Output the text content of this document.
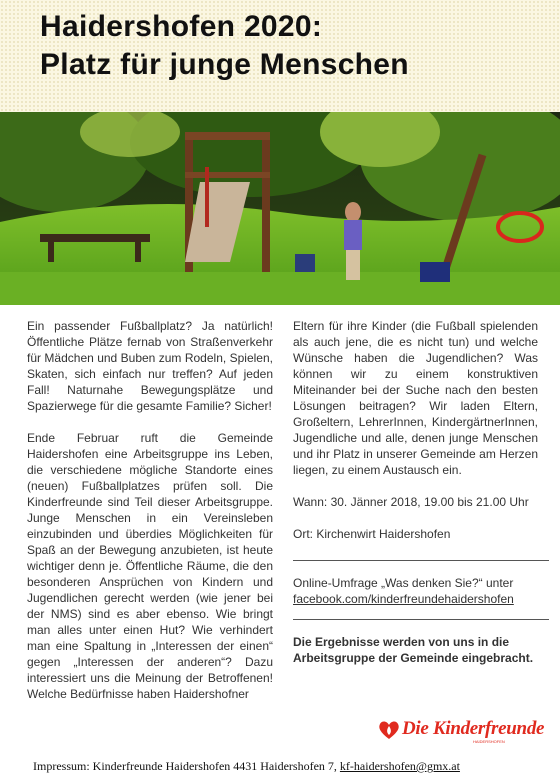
Haidershofen 2020:
Platz für junge Menschen

Ein passender Fußballplatz? Ja natürlich! Öffentliche Plätze fernab von Straßenverkehr für Mädchen und Buben zum Rodeln, Spielen, Skaten, sich einfach nur treffen? Auf jeden Fall! Naturnahe Bewegungsplätze und Spazierwege für die gesamte Familie? Sicher!

Ende Februar ruft die Gemeinde Haidershofen eine Arbeitsgruppe ins Leben, die verschiedene mögliche Standorte eines (neuen) Fußballplatzes prüfen soll. Die Kinderfreunde sind Teil dieser Arbeitsgruppe. Junge Menschen in ein Vereinsleben einzubinden und überdies Möglichkeiten für Spaß an der Bewegung anzubieten, ist heute wichtiger denn je. Öffentliche Räume, die den besonderen Ansprüchen von Kindern und Jugendlichen gerecht werden (wie jener bei der NMS) sind es aber ebenso. Wie bringt man alles unter einen Hut? Wie verhindert man eine Spaltung in „Interessen der einen“ gegen „Interessen der anderen“? Dazu interessiert uns die Meinung der Betroffenen! Welche Bedürfnisse haben Haidershofner

Eltern für ihre Kinder (die Fußball spielenden als auch jene, die es nicht tun) und welche Wünsche haben die Jugendlichen? Was können wir zu einem konstruktiven Miteinander bei der Suche nach den besten Lösungen beitragen? Wir laden Eltern, Großeltern, LehrerInnen, KindergärtnerInnen, Jugendliche und alle, denen junge Menschen und ihr Platz in unserer Gemeinde am Herzen liegen, zu einem Austausch ein.

Wann: 30. Jänner 2018, 19.00 bis 21.00 Uhr

Ort: Kirchenwirt Haidershofen

Online-Umfrage „Was denken Sie?“ unter

facebook.com/kinderfreundehaidershofen

Die Ergebnisse werden von uns in die Arbeitsgruppe der Gemeinde eingebracht.

Die Kinderfreunde
HAIDERSHOFEN
Impressum: Kinderfreunde Haidershofen 4431 Haidershofen 7, kf-haidershofen@gmx.at
